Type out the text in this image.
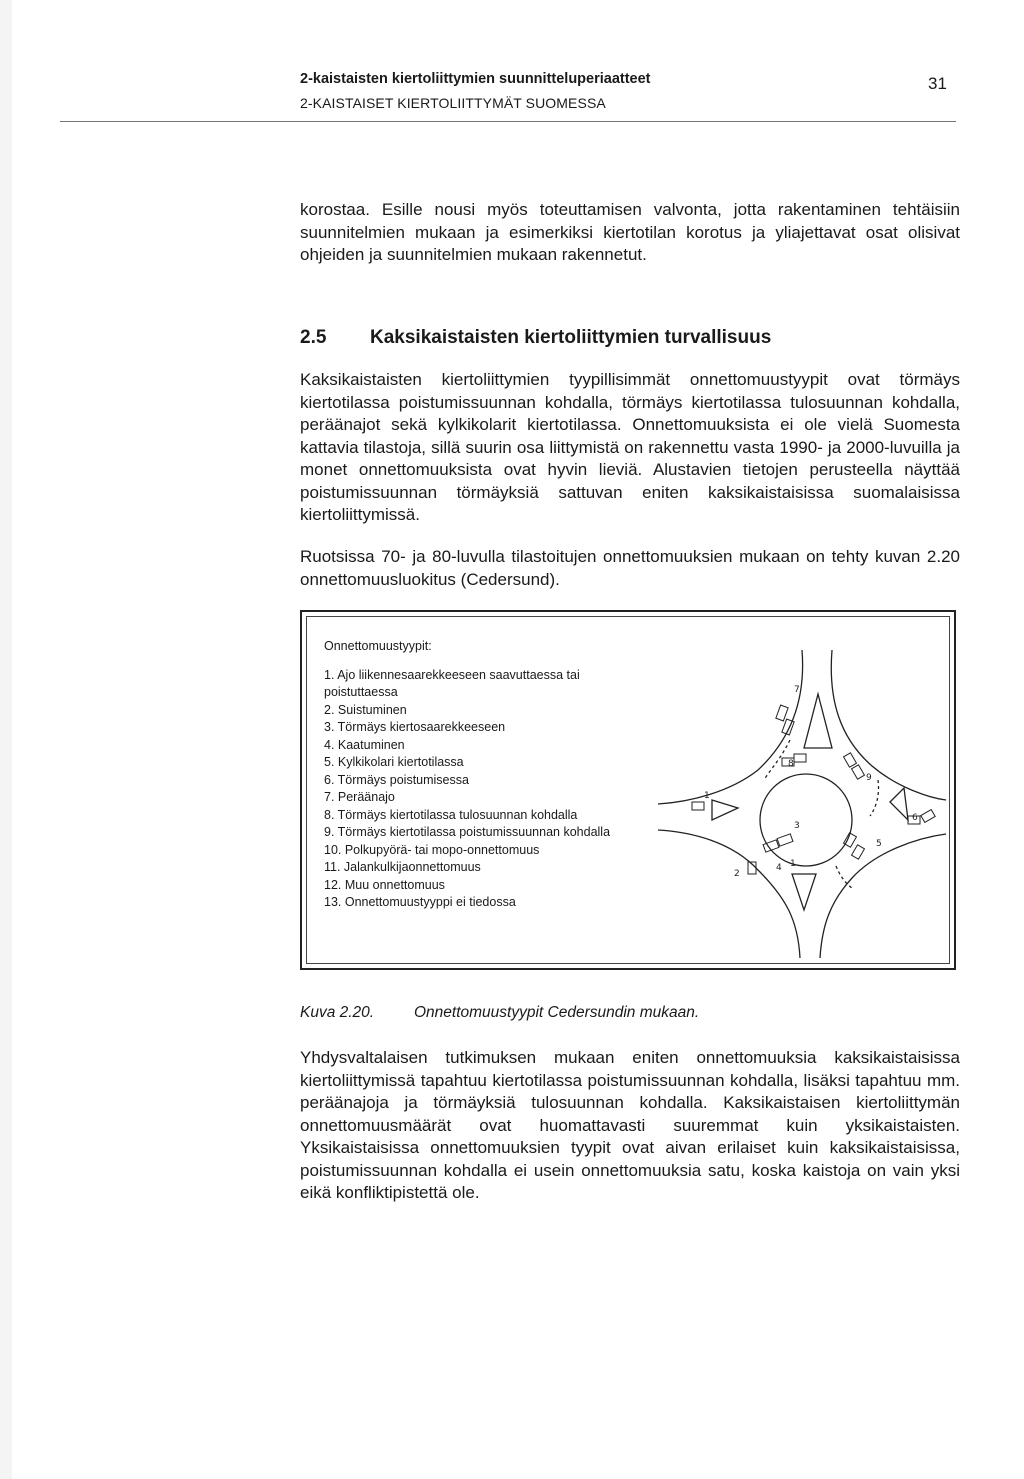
2-kaistaisten kiertoliittymien suunnitteluperiaatteet
2-KAISTAISET KIERTOLIITTYMÄT SUOMESSA
31

korostaa. Esille nousi myös toteuttamisen valvonta, jotta rakentaminen tehtäisiin suunnitelmien mukaan ja esimerkiksi kiertotilan korotus ja yliajettavat osat olisivat ohjeiden ja suunnitelmien mukaan rakennetut.

2.5 Kaksikaistaisten kiertoliittymien turvallisuus

Kaksikaistaisten kiertoliittymien tyypillisimmät onnettomuustyypit ovat törmäys kiertotilassa poistumissuunnan kohdalla, törmäys kiertotilassa tulosuunnan kohdalla, peräänajot sekä kylkikolarit kiertotilassa. Onnettomuuksista ei ole vielä Suomesta kattavia tilastoja, sillä suurin osa liittymistä on rakennettu vasta 1990- ja 2000-luvuilla ja monet onnettomuuksista ovat hyvin lieviä. Alustavien tietojen perusteella näyttää poistumissuunnan törmäyksiä sattuvan eniten kaksikaistaisissa suomalaisissa kiertoliittymissä.

Ruotsissa 70- ja 80-luvulla tilastoitujen onnettomuuksien mukaan on tehty kuvan 2.20 onnettomuusluokitus (Cedersund).

Onnettomuustyypit:
1. Ajo liikennesaarekkeeseen saavuttaessa tai poistuttaessa
2. Suistuminen
3. Törmäys kiertosaarekkeeseen
4. Kaatuminen
5. Kylkikolari kiertotilassa
6. Törmäys poistumisessa
7. Peräänajo
8. Törmäys kiertotilassa tulosuunnan kohdalla
9. Törmäys kiertotilassa poistumissuunnan kohdalla
10. Polkupyörä- tai mopo-onnettomuus
11. Jalankulkijaonnettomuus
12. Muu onnettomuus
13. Onnettomuustyyppi ei tiedossa
1
1
2
3
4
5
6
7
8
9
Kuva 2.20.	Onnettomuustyypit Cedersundin mukaan.

Yhdysvaltalaisen tutkimuksen mukaan eniten onnettomuuksia kaksikaistaisissa kiertoliittymissä tapahtuu kiertotilassa poistumissuunnan kohdalla, lisäksi tapahtuu mm. peräänajoja ja törmäyksiä tulosuunnan kohdalla. Kaksikaistaisen kiertoliittymän onnettomuusmäärät ovat huomattavasti suuremmat kuin yksikaistaisten. Yksikaistaisissa onnettomuuksien tyypit ovat aivan erilaiset kuin kaksikaistaisissa, poistumissuunnan kohdalla ei usein onnettomuuksia satu, koska kaistoja on vain yksi eikä konfliktipistettä ole.
